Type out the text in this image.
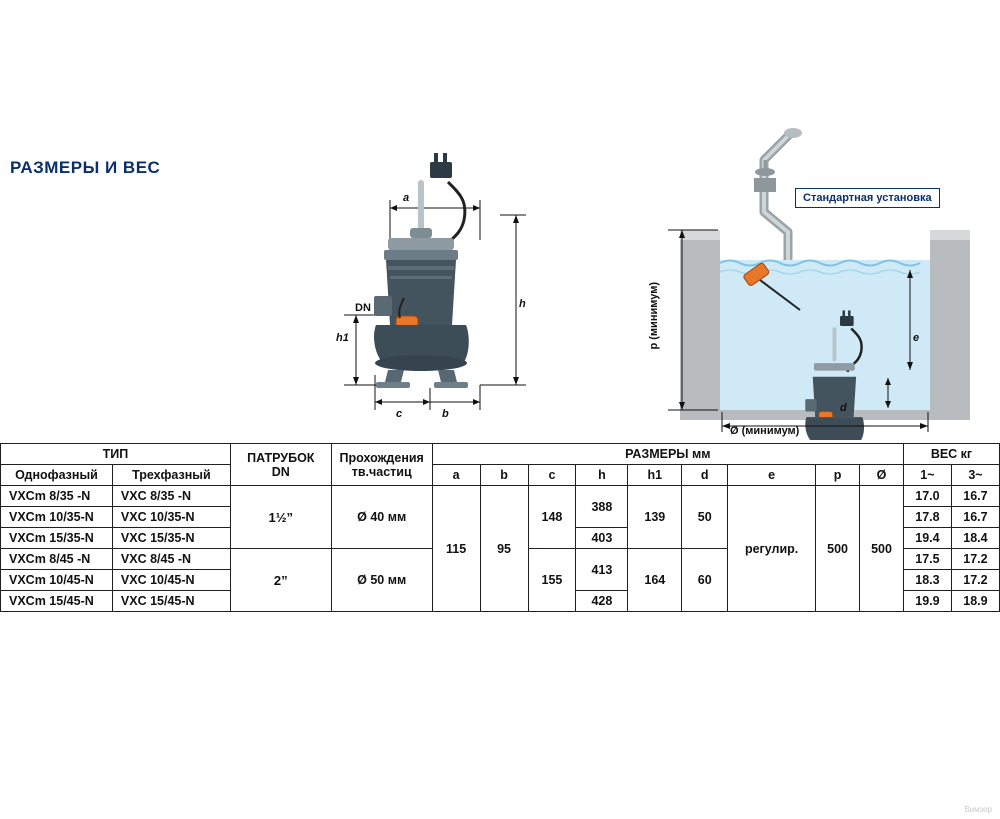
РАЗМЕРЫ И ВЕС
a
h
DN
h1
c	b
Стандартная установка
p (минимум)	e
d
Ø (минимум)
ТИП	ПАТРУБОК
DN

Прохождения
тв.частиц
	РАЗМЕРЫ мм	ВЕС кг
Однофазный	Трехфазный			a	b	c	h	h1	d	e	p	Ø	1~	3~
VXCm 8/35 -N	VXC 8/35 -N	1½”	Ø 40 мм	115	95	148	388	139	50	регулир.	500	500	17.0	16.7
VXCm 10/35-N	VXC 10/35-N												17.8	16.7
VXCm 15/35-N	VXC 15/35-N						403						19.4	18.4
VXCm 8/45 -N	VXC 8/45 -N	2”	Ø 50 мм			155	413	164	60				17.5	17.2
VXCm 10/45-N	VXC 10/45-N												18.3	17.2
VXCm 15/45-N	VXC 15/45-N						428						19.9	18.9
Вимзор
